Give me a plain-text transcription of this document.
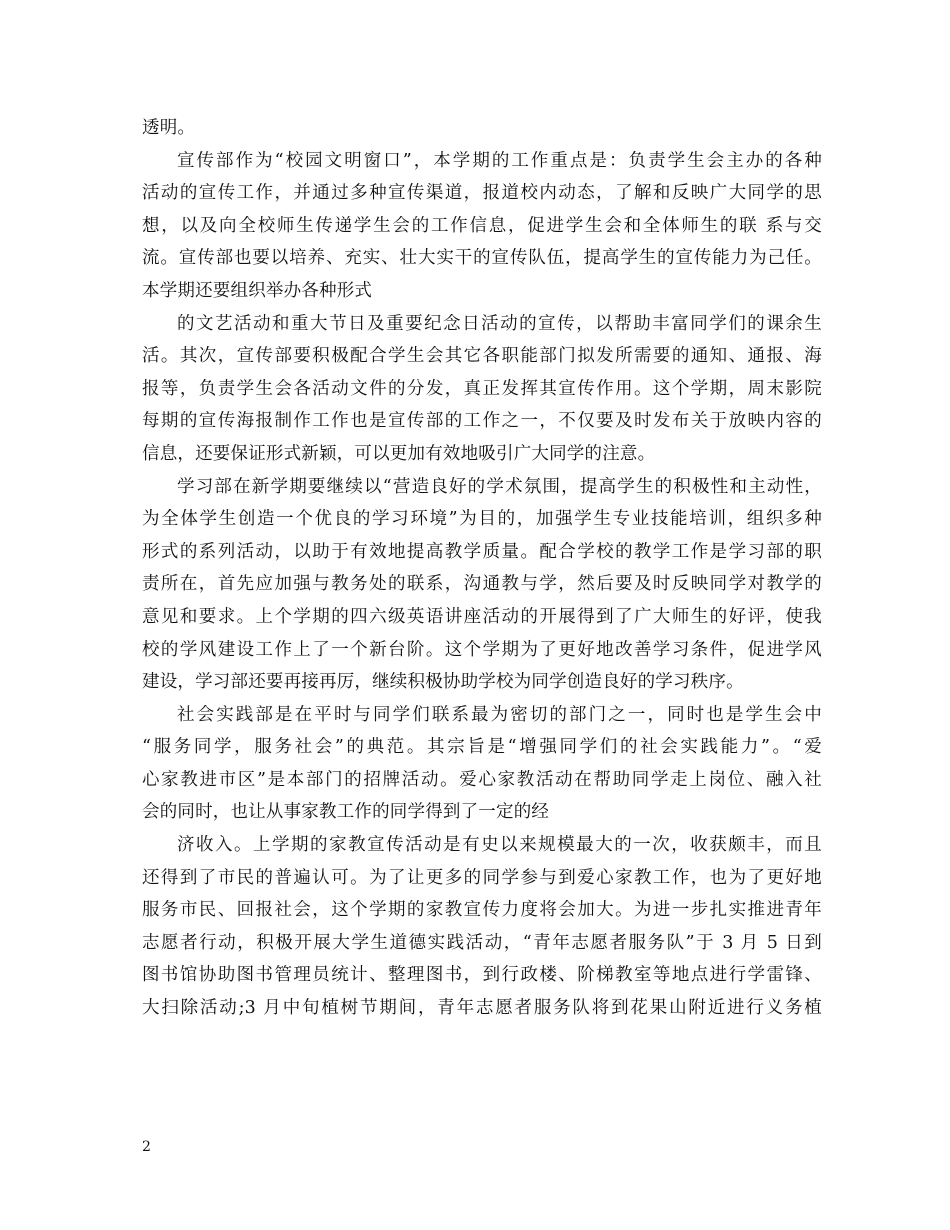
透明。
宣传部作为“校园文明窗口”，本学期的工作重点是：负责学生会主办的各种
活动的宣传工作，并通过多种宣传渠道，报道校内动态，了解和反映广大同学的思
想，以及向全校师生传递学生会的工作信息，促进学生会和全体师生的联 系与交
流。宣传部也要以培养、充实、壮大实干的宣传队伍，提高学生的宣传能力为己任。
本学期还要组织举办各种形式
的文艺活动和重大节日及重要纪念日活动的宣传，以帮助丰富同学们的课余生
活。其次，宣传部要积极配合学生会其它各职能部门拟发所需要的通知、通报、海
报等，负责学生会各活动文件的分发，真正发挥其宣传作用。这个学期，周末影院
每期的宣传海报制作工作也是宣传部的工作之一，不仅要及时发布关于放映内容的
信息，还要保证形式新颖，可以更加有效地吸引广大同学的注意。
学习部在新学期要继续以“营造良好的学术氛围，提高学生的积极性和主动性，
为全体学生创造一个优良的学习环境”为目的，加强学生专业技能培训，组织多种
形式的系列活动，以助于有效地提高教学质量。配合学校的教学工作是学习部的职
责所在，首先应加强与教务处的联系，沟通教与学，然后要及时反映同学对教学的
意见和要求。上个学期的四六级英语讲座活动的开展得到了广大师生的好评，使我
校的学风建设工作上了一个新台阶。这个学期为了更好地改善学习条件，促进学风
建设，学习部还要再接再厉，继续积极协助学校为同学创造良好的学习秩序。
社会实践部是在平时与同学们联系最为密切的部门之一，同时也是学生会中
“服务同学，服务社会”的典范。其宗旨是“增强同学们的社会实践能力”。“爱
心家教进市区”是本部门的招牌活动。爱心家教活动在帮助同学走上岗位、融入社
会的同时，也让从事家教工作的同学得到了一定的经
济收入。上学期的家教宣传活动是有史以来规模最大的一次，收获颇丰，而且
还得到了市民的普遍认可。为了让更多的同学参与到爱心家教工作，也为了更好地
服务市民、回报社会，这个学期的家教宣传力度将会加大。为进一步扎实推进青年
志愿者行动，积极开展大学生道德实践活动，“青年志愿者服务队”于 3 月 5 日到
图书馆协助图书管理员统计、整理图书，到行政楼、阶梯教室等地点进行学雷锋、
大扫除活动;3 月中旬植树节期间，青年志愿者服务队将到花果山附近进行义务植
2
